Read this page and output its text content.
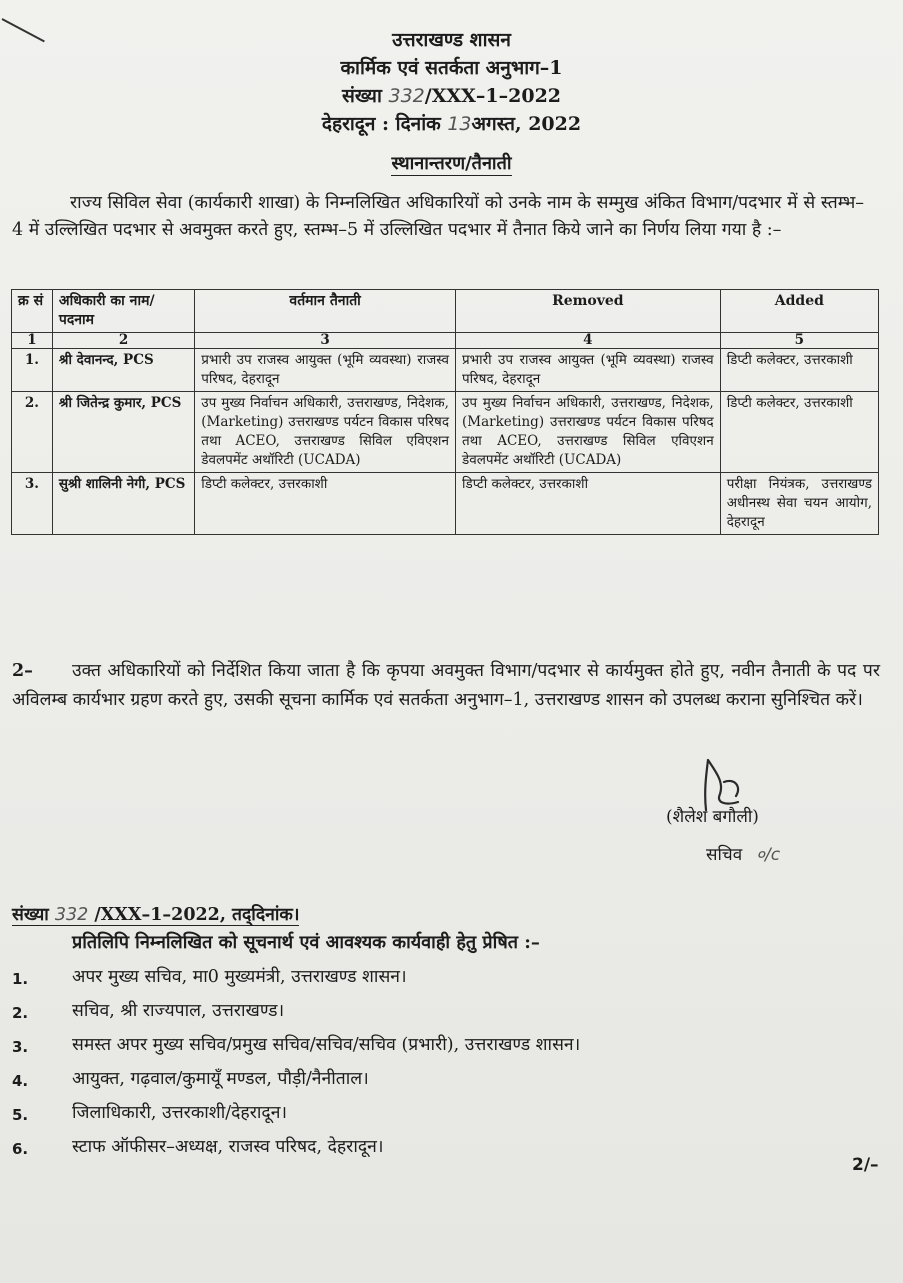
उत्तराखण्ड शासन
कार्मिक एवं सतर्कता अनुभाग–1
संख्या 332/XXX–1–2022
देहरादून : दिनांक 13अगस्त, 2022
स्थानान्तरण/तैनाती
राज्य सिविल सेवा (कार्यकारी शाखा) के निम्नलिखित अधिकारियों को उनके नाम के सम्मुख अंकित विभाग/पदभार में से स्तम्भ–4 में उल्लिखित पदभार से अवमुक्त करते हुए, स्तम्भ–5 में उल्लिखित पदभार में तैनात किये जाने का निर्णय लिया गया है :–
क्र सं	अधिकारी का नाम/पदनाम	वर्तमान तैनाती	Removed	Added
1	2	3	4	5
1.	श्री देवानन्द, PCS	प्रभारी उप राजस्व आयुक्त (भूमि व्यवस्था) राजस्व परिषद, देहरादून	प्रभारी उप राजस्व आयुक्त (भूमि व्यवस्था) राजस्व परिषद, देहरादून	डिप्टी कलेक्टर, उत्तरकाशी
2.	श्री जितेन्द्र कुमार, PCS	उप मुख्य निर्वाचन अधिकारी, उत्तराखण्ड, निदेशक, (Marketing) उत्तराखण्ड पर्यटन विकास परिषद तथा ACEO, उत्तराखण्ड सिविल एविएशन डेवलपमेंट अथॉरिटी (UCADA)	उप मुख्य निर्वाचन अधिकारी, उत्तराखण्ड, निदेशक, (Marketing) उत्तराखण्ड पर्यटन विकास परिषद तथा ACEO, उत्तराखण्ड सिविल एविएशन डेवलपमेंट अथॉरिटी (UCADA)	डिप्टी कलेक्टर, उत्तरकाशी
3.	सुश्री शालिनी नेगी, PCS	डिप्टी कलेक्टर, उत्तरकाशी	डिप्टी कलेक्टर, उत्तरकाशी	परीक्षा नियंत्रक, उत्तराखण्ड अधीनस्थ सेवा चयन आयोग, देहरादून
2– उक्त अधिकारियों को निर्देशित किया जाता है कि कृपया अवमुक्त विभाग/पदभार से कार्यमुक्त होते हुए, नवीन तैनाती के पद पर अविलम्ब कार्यभार ग्रहण करते हुए, उसकी सूचना कार्मिक एवं सतर्कता अनुभाग–1, उत्तराखण्ड शासन को उपलब्ध कराना सुनिश्चित करें।
(शैलेश बगौली)
सचिव ०/c
संख्या 332 /XXX–1–2022, तद्‌दिनांक।
प्रतिलिपि निम्नलिखित को सूचनार्थ एवं आवश्यक कार्यवाही हेतु प्रेषित :–
1.	अपर मुख्य सचिव, मा0 मुख्यमंत्री, उत्तराखण्ड शासन।
2.	सचिव, श्री राज्यपाल, उत्तराखण्ड।
3.	समस्त अपर मुख्य सचिव/प्रमुख सचिव/सचिव/सचिव (प्रभारी), उत्तराखण्ड शासन।
4.	आयुक्त, गढ़वाल/कुमायूँ मण्डल, पौड़ी/नैनीताल।
5.	जिलाधिकारी, उत्तरकाशी/देहरादून।
6.	स्टाफ ऑफीसर–अध्यक्ष, राजस्व परिषद, देहरादून।
2/–
